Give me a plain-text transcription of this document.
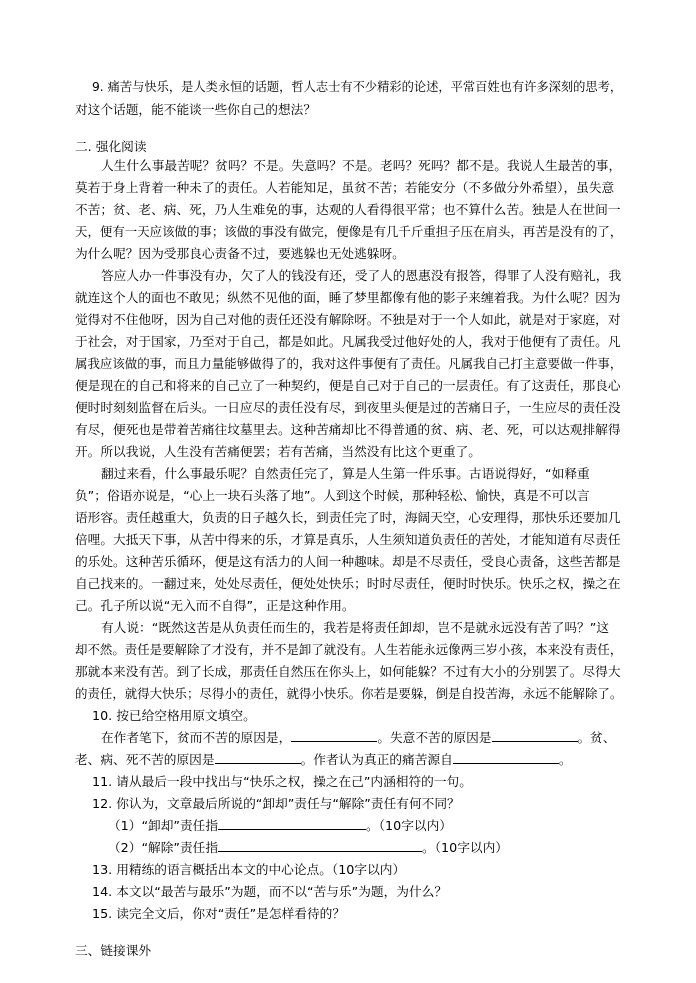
9. 痛苦与快乐，是人类永恒的话题，哲人志士有不少精彩的论述，平常百姓也有许多深刻的思考，
对这个话题，能不能谈一些你自己的想法？
二. 强化阅读
人生什么事最苦呢？贫吗？不是。失意吗？不是。老吗？死吗？都不是。我说人生最苦的事，
莫若于身上背着一种未了的责任。人若能知足，虽贫不苦；若能安分（不多做分外希望），虽失意
不苦；贫、老、病、死，乃人生难免的事，达观的人看得很平常；也不算什么苦。独是人在世间一
天，便有一天应该做的事；该做的事没有做完，便像是有几千斤重担子压在肩头，再苦是没有的了，
为什么呢？因为受那良心责备不过，要逃躲也无处逃躲呀。
答应人办一件事没有办，欠了人的钱没有还，受了人的恩惠没有报答，得罪了人没有赔礼，我
就连这个人的面也不敢见；纵然不见他的面，睡了梦里都像有他的影子来缠着我。为什么呢？因为
觉得对不住他呀，因为自己对他的责任还没有解除呀。不独是对于一个人如此，就是对于家庭，对
于社会，对于国家，乃至对于自己，都是如此。凡属我受过他好处的人，我对于他便有了责任。凡
属我应该做的事，而且力量能够做得了的，我对这件事便有了责任。凡属我自己打主意要做一件事，
便是现在的自己和将来的自己立了一种契约，便是自己对于自己的一层责任。有了这责任，那良心
便时时刻刻监督在后头。一日应尽的责任没有尽，到夜里头便是过的苦痛日子，一生应尽的责任没
有尽，便死也是带着苦痛往坟墓里去。这种苦痛却比不得普通的贫、病、老、死，可以达观排解得
开。所以我说，人生没有苦痛便罢；若有苦痛，当然没有比这个更重了。
翻过来看，什么事最乐呢？自然责任完了，算是人生第一件乐事。古语说得好，“如释重
负”；俗语亦说是，“心上一块石头落了地”。人到这个时候，那种轻松、愉快，真是不可以言
语形容。责任越重大，负责的日子越久长，到责任完了时，海阔天空，心安理得，那快乐还要加几
倍哩。大抵天下事，从苦中得来的乐，才算是真乐，人生须知道负责任的苦处，才能知道有尽责任
的乐处。这种苦乐循环，便是这有活力的人间一种趣味。却是不尽责任，受良心责备，这些苦都是
自己找来的。一翻过来，处处尽责任，便处处快乐；时时尽责任，便时时快乐。快乐之权，操之在
己。孔子所以说“无入而不自得”，正是这种作用。
有人说：“既然这苦是从负责任而生的，我若是将责任卸却，岂不是就永远没有苦了吗？”这
却不然。责任是要解除了才没有，并不是卸了就没有。人生若能永远像两三岁小孩，本来没有责任，
那就本来没有苦。到了长成，那责任自然压在你头上，如何能躲？不过有大小的分别罢了。尽得大
的责任，就得大快乐；尽得小的责任，就得小快乐。你若是要躲，倒是自投苦海，永远不能解除了。
10. 按已给空格用原文填空。
在作者笔下，贫而不苦的原因是，	。失意不苦的原因是	。贫、
老、病、死不苦的原因是	。作者认为真正的痛苦源自	。
11. 请从最后一段中找出与“快乐之权，操之在己”内涵相符的一句。
12. 你认为，文章最后所说的“卸却”责任与“解除”责任有何不同？
（1）“卸却”责任指	。（10字以内）
（2）“解除”责任指	。（10字以内）
13. 用精练的语言概括出本文的中心论点。（10字以内）
14. 本文以“最苦与最乐”为题，而不以“苦与乐”为题，为什么？
15. 读完全文后，你对“责任”是怎样看待的？
三、链接课外
